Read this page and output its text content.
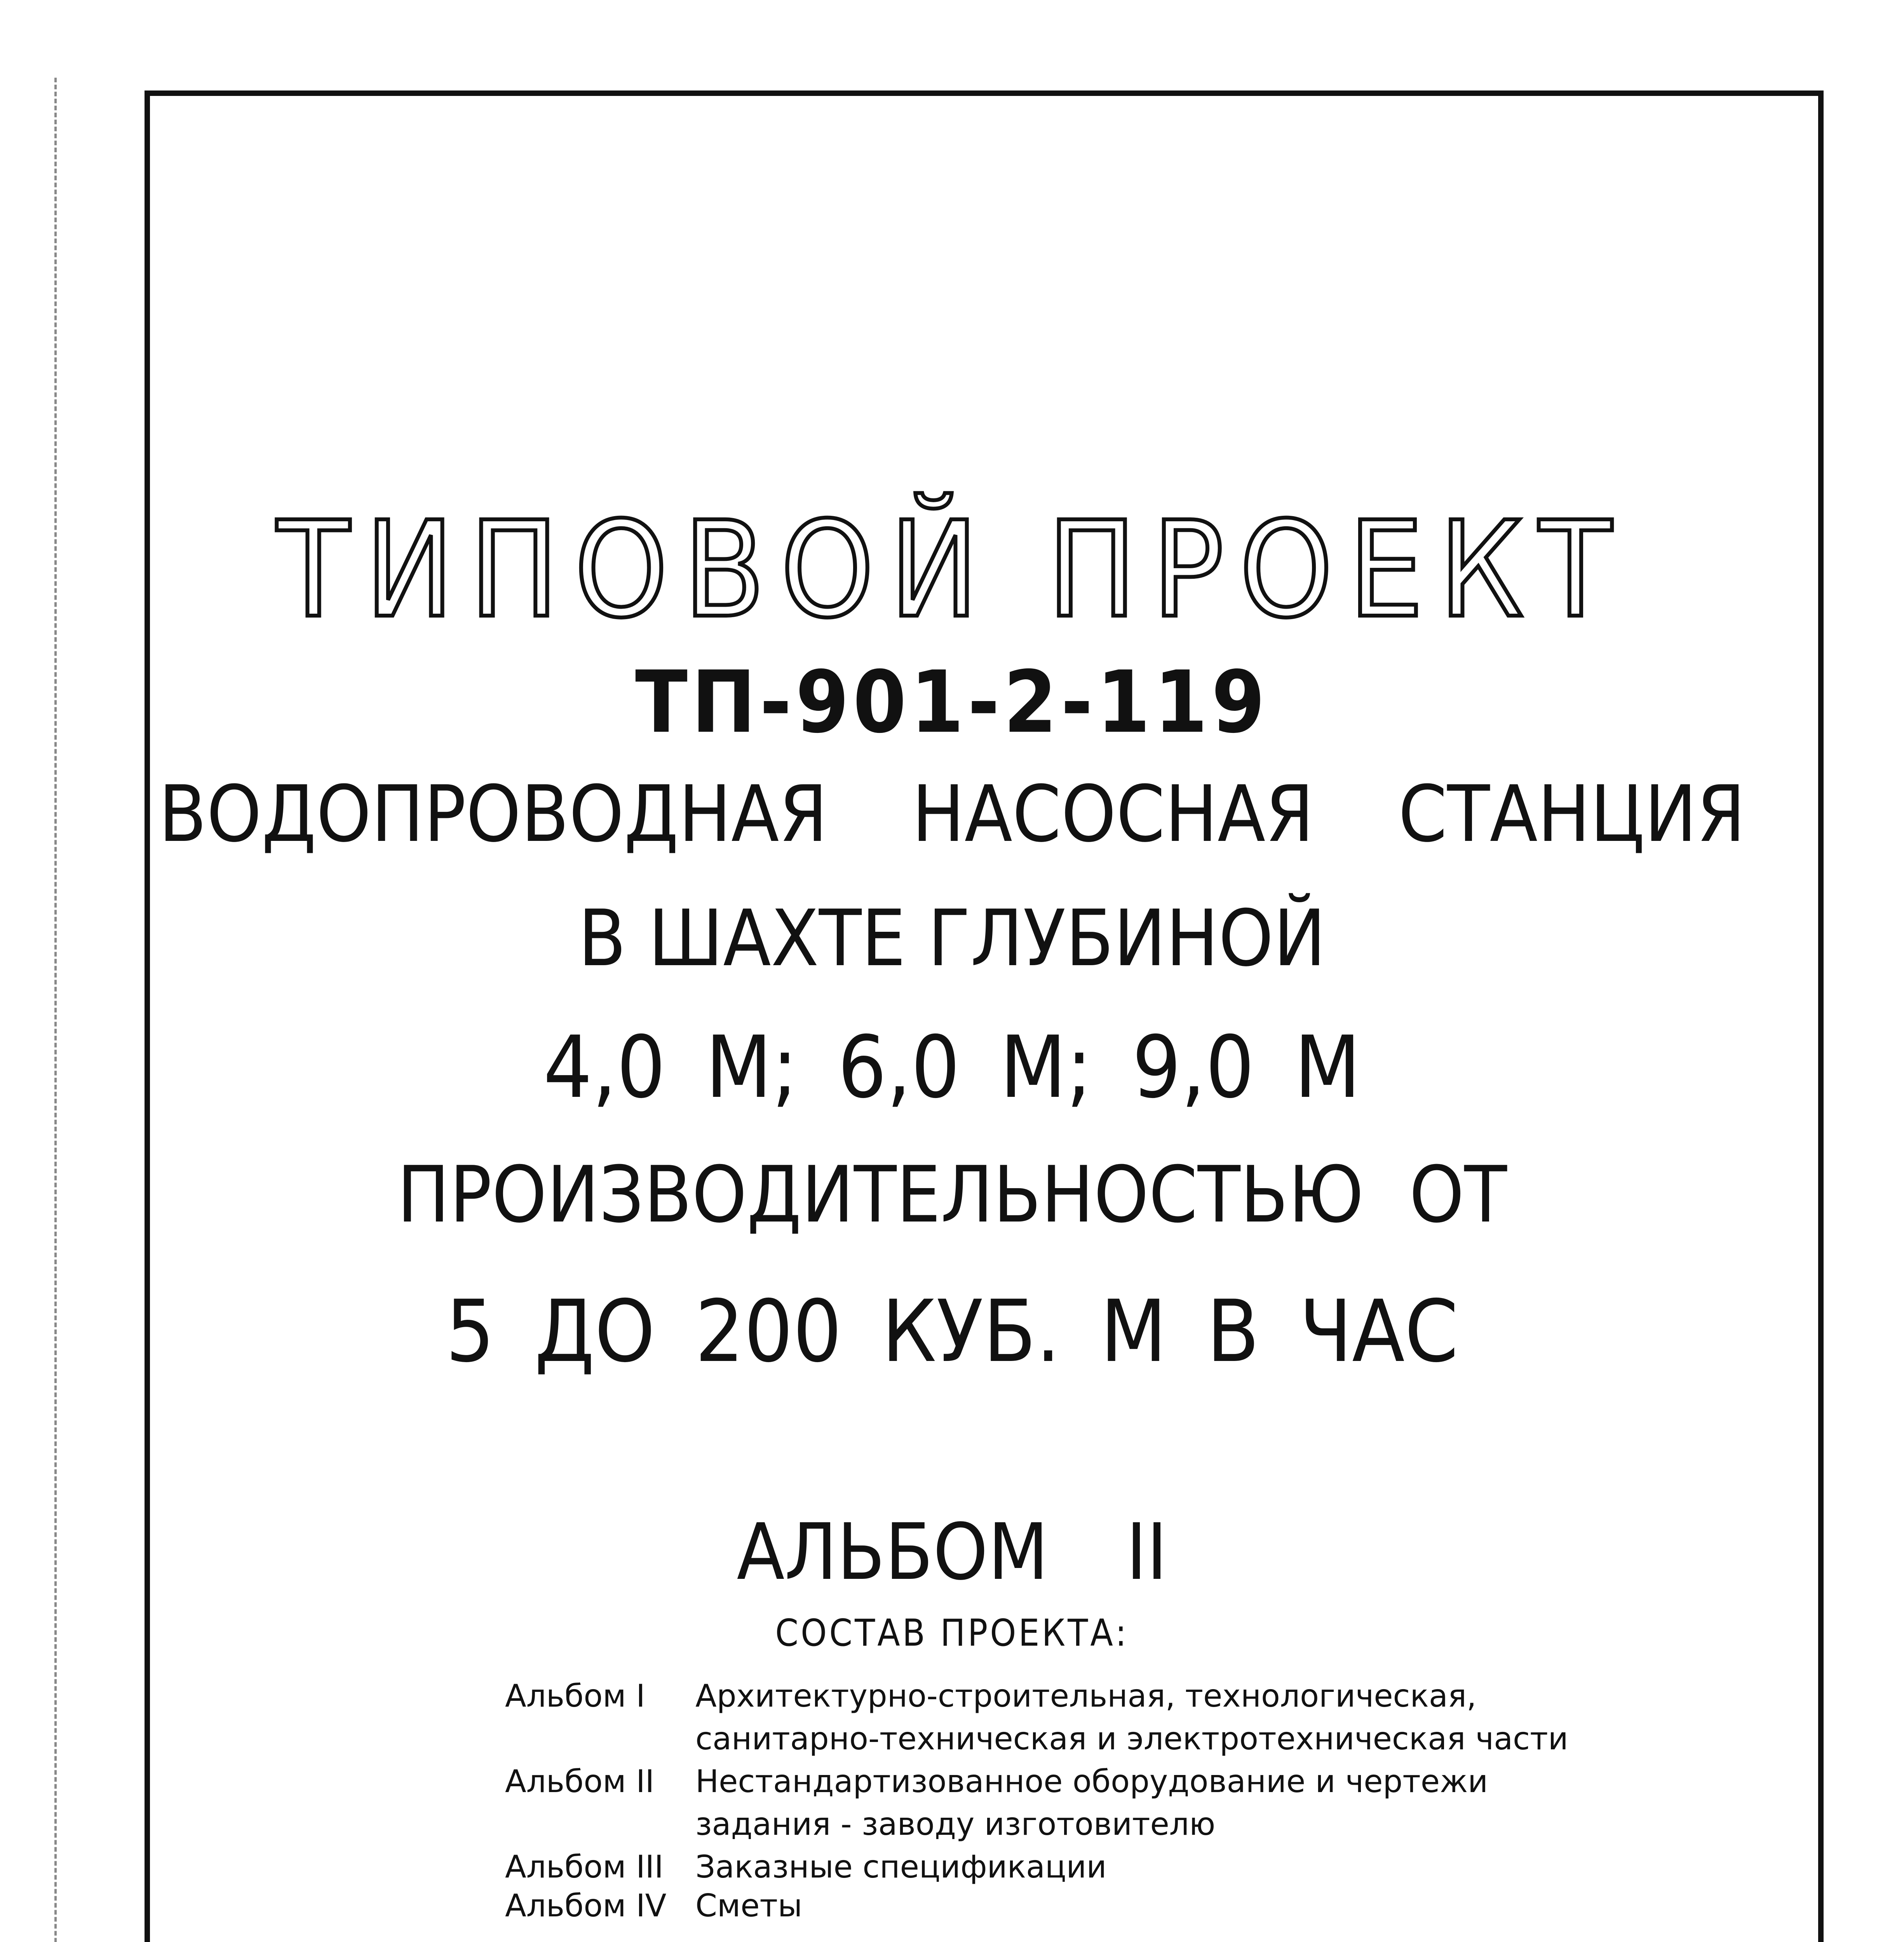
ТИПОВОЙ ПРОЕКТ
ТП-901-2-119
ВОДОПРОВОДНАЯ НАСОСНАЯ СТАНЦИЯ
В ШАХТЕ ГЛУБИНОЙ
4,0 М; 6,0 М; 9,0 М
ПРОИЗВОДИТЕЛЬНОСТЬЮ ОТ
5 ДО 200 КУБ. М В ЧАС
АЛЬБОМ II
СОСТАВ ПРОЕКТА:
Альбом I Архитектурно-строительная, технологическая,
санитарно-техническая и электротехническая части
Альбом II Нестандартизованное оборудование и чертежи
задания - заводу изготовителю
Альбом III Заказные спецификации
Альбом IV Сметы
